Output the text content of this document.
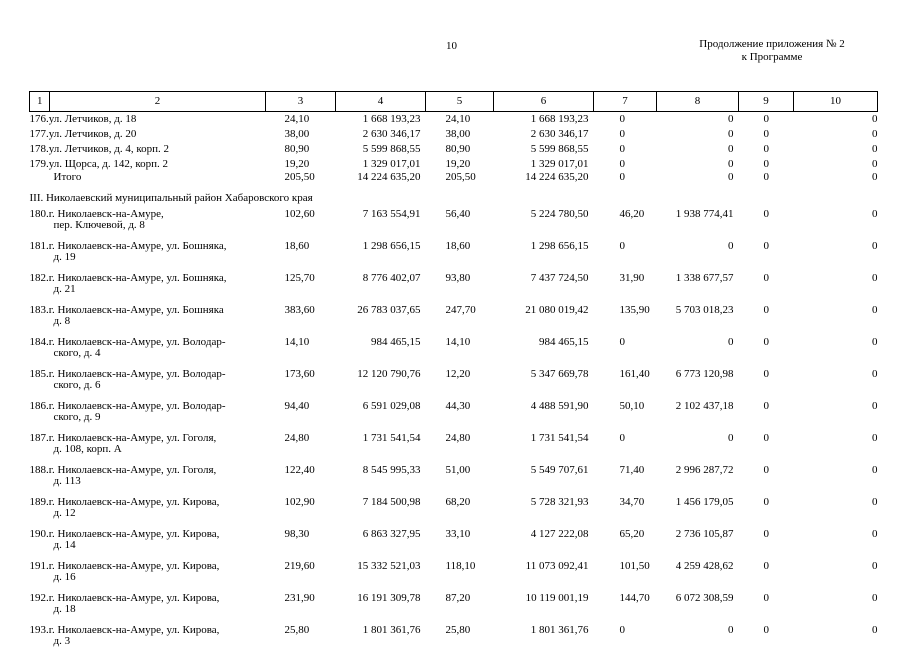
10	Продолжение приложения № 2
к Программе
1	2	3	4	5	6	7	8	9	10
176.ул. Летчиков, д. 18		24,10	1 668 193,23	24,10	1 668 193,23	0	0	0	0
177.ул. Летчиков, д. 20		38,00	2 630 346,17	38,00	2 630 346,17	0	0	0	0
178.ул. Летчиков, д. 4, корп. 2		80,90	5 599 868,55	80,90	5 599 868,55	0	0	0	0
179.ул. Щорса, д. 142, корп. 2		19,20	1 329 017,01	19,20	1 329 017,01	0	0	0	0
Итого		205,50	14 224 635,20	205,50	14 224 635,20	0	0	0	0
III. Николаевский муниципальный район Хабаровского края									

180.г. Николаевск-на-Амуре,
пер. Ключевой, д. 8		102,60	7 163 554,91	56,40	5 224 780,50	46,20	1 938 774,41	0	0

181.г. Николаевск-на-Амуре, ул. Бошняка,
д. 19		18,60	1 298 656,15	18,60	1 298 656,15	0	0	0	0

182.г. Николаевск-на-Амуре, ул. Бошняка,
д. 21		125,70	8 776 402,07	93,80	7 437 724,50	31,90	1 338 677,57	0	0

183.г. Николаевск-на-Амуре, ул. Бошняка
д. 8		383,60	26 783 037,65	247,70	21 080 019,42	135,90	5 703 018,23	0	0

184.г. Николаевск-на-Амуре, ул. Володар-
ского, д. 4		14,10	984 465,15	14,10	984 465,15	0	0	0	0

185.г. Николаевск-на-Амуре, ул. Володар-
ского, д. 6		173,60	12 120 790,76	12,20	5 347 669,78	161,40	6 773 120,98	0	0

186.г. Николаевск-на-Амуре, ул. Володар-
ского, д. 9		94,40	6 591 029,08	44,30	4 488 591,90	50,10	2 102 437,18	0	0

187.г. Николаевск-на-Амуре, ул. Гоголя,
д. 108, корп. А		24,80	1 731 541,54	24,80	1 731 541,54	0	0	0	0

188.г. Николаевск-на-Амуре, ул. Гоголя,
д. 113		122,40	8 545 995,33	51,00	5 549 707,61	71,40	2 996 287,72	0	0

189.г. Николаевск-на-Амуре, ул. Кирова,
д. 12		102,90	7 184 500,98	68,20	5 728 321,93	34,70	1 456 179,05	0	0

190.г. Николаевск-на-Амуре, ул. Кирова,
д. 14		98,30	6 863 327,95	33,10	4 127 222,08	65,20	2 736 105,87	0	0

191.г. Николаевск-на-Амуре, ул. Кирова,
д. 16		219,60	15 332 521,03	118,10	11 073 092,41	101,50	4 259 428,62	0	0

192.г. Николаевск-на-Амуре, ул. Кирова,
д. 18		231,90	16 191 309,78	87,20	10 119 001,19	144,70	6 072 308,59	0	0

193.г. Николаевск-на-Амуре, ул. Кирова,
д. 3		25,80	1 801 361,76	25,80	1 801 361,76	0	0	0	0
